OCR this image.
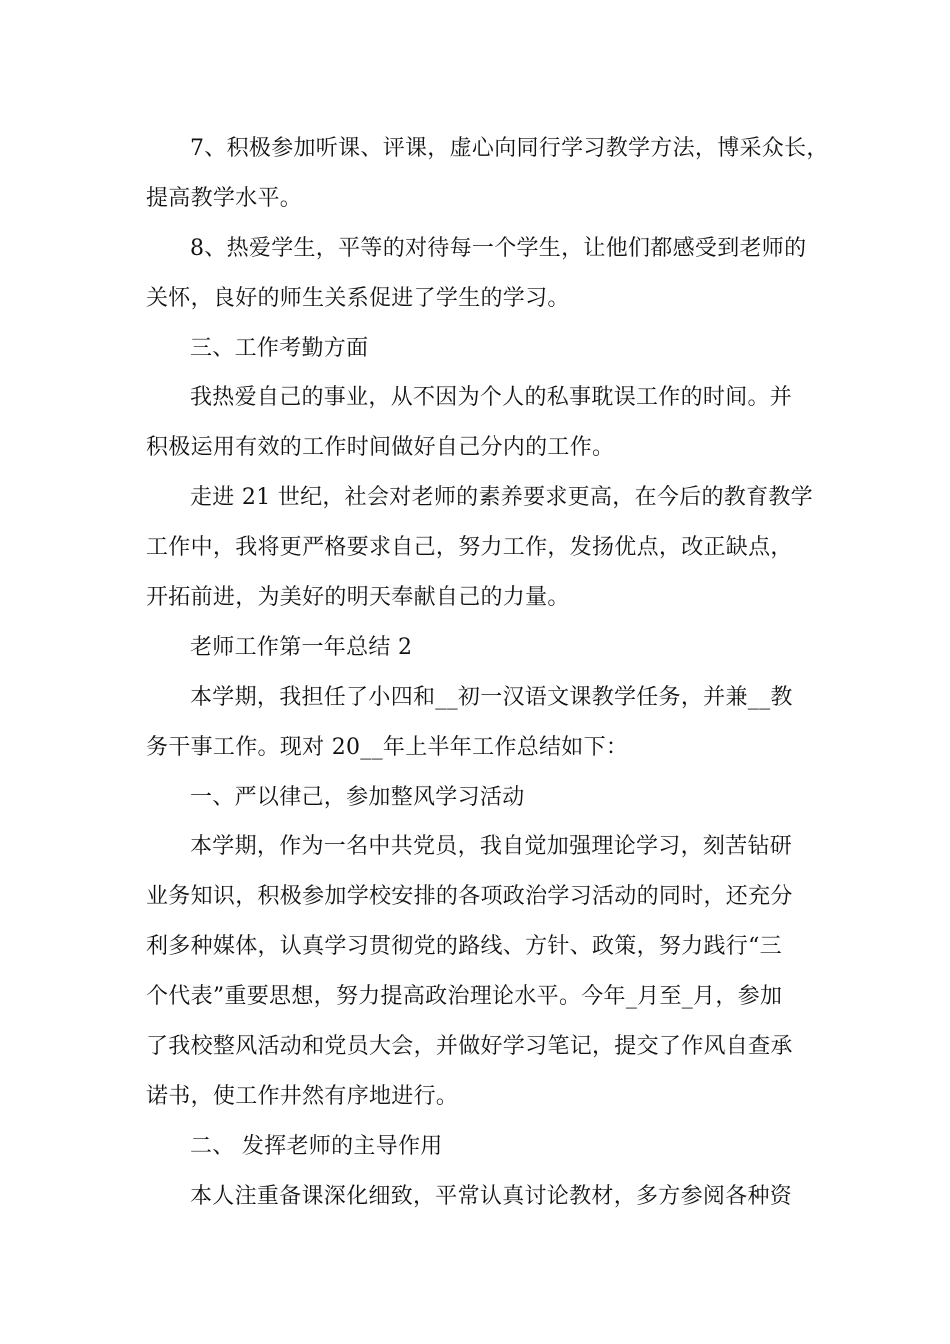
7、积极参加听课、评课，虚心向同行学习教学方法，博采众长，
提高教学水平。
8、热爱学生，平等的对待每一个学生，让他们都感受到老师的
关怀，良好的师生关系促进了学生的学习。
三、工作考勤方面
我热爱自己的事业，从不因为个人的私事耽误工作的时间。并
积极运用有效的工作时间做好自己分内的工作。
走进 21 世纪，社会对老师的素养要求更高，在今后的教育教学
工作中，我将更严格要求自己，努力工作，发扬优点，改正缺点，
开拓前进，为美好的明天奉献自己的力量。
老师工作第一年总结 2
本学期，我担任了小四和__初一汉语文课教学任务，并兼__教
务干事工作。现对 20__年上半年工作总结如下：
一、严以律己，参加整风学习活动
本学期，作为一名中共党员，我自觉加强理论学习，刻苦钻研
业务知识，积极参加学校安排的各项政治学习活动的同时，还充分
利多种媒体，认真学习贯彻党的路线、方针、政策，努力践行“三
个代表”重要思想，努力提高政治理论水平。今年_月至_月，参加
了我校整风活动和党员大会，并做好学习笔记，提交了作风自查承
诺书，使工作井然有序地进行。
二、 发挥老师的主导作用
本人注重备课深化细致，平常认真讨论教材，多方参阅各种资
